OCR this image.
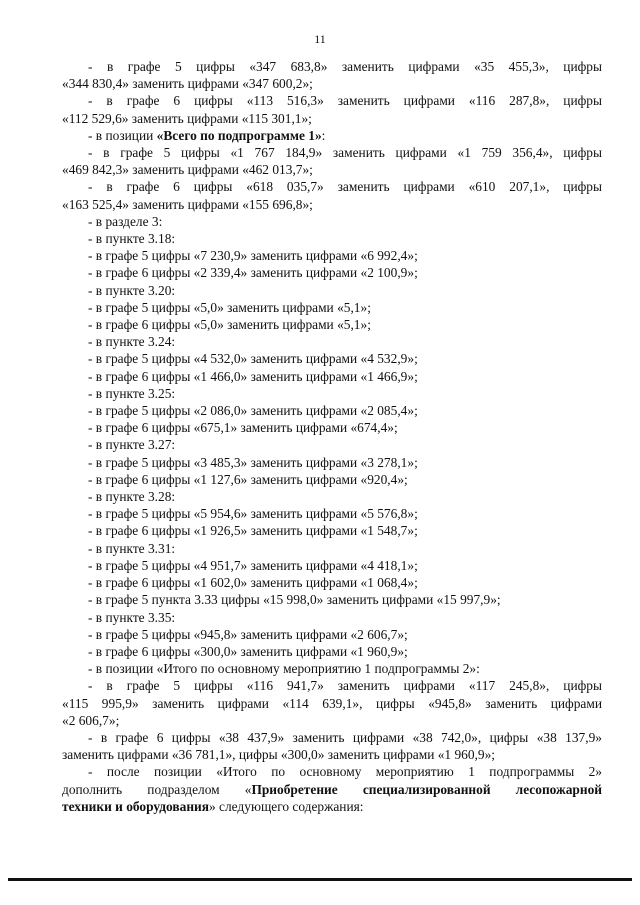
11

- в графе 5 цифры «347 683,8» заменить цифрами «35 455,3», цифры

«344 830,4» заменить цифрами «347 600,2»;

- в графе 6 цифры «113 516,3» заменить цифрами «116 287,8», цифры

«112 529,6» заменить цифрами «115 301,1»;

- в позиции «Всего по подпрограмме 1»:

- в графе 5 цифры «1 767 184,9» заменить цифрами «1 759 356,4», цифры

«469 842,3» заменить цифрами «462 013,7»;

- в графе 6 цифры «618 035,7» заменить цифрами «610 207,1», цифры

«163 525,4» заменить цифрами «155 696,8»;

- в разделе 3:

- в пункте 3.18:

- в графе 5 цифры «7 230,9» заменить цифрами «6 992,4»;

- в графе 6 цифры «2 339,4» заменить цифрами «2 100,9»;

- в пункте 3.20:

- в графе 5 цифры «5,0» заменить цифрами «5,1»;

- в графе 6 цифры «5,0» заменить цифрами «5,1»;

- в пункте 3.24:

- в графе 5 цифры «4 532,0» заменить цифрами «4 532,9»;

- в графе 6 цифры «1 466,0» заменить цифрами «1 466,9»;

- в пункте 3.25:

- в графе 5 цифры «2 086,0» заменить цифрами «2 085,4»;

- в графе 6 цифры «675,1» заменить цифрами «674,4»;

- в пункте 3.27:

- в графе 5 цифры «3 485,3» заменить цифрами «3 278,1»;

- в графе 6 цифры «1 127,6» заменить цифрами «920,4»;

- в пункте 3.28:

- в графе 5 цифры «5 954,6» заменить цифрами «5 576,8»;

- в графе 6 цифры «1 926,5» заменить цифрами «1 548,7»;

- в пункте 3.31:

- в графе 5 цифры «4 951,7» заменить цифрами «4 418,1»;

- в графе 6 цифры «1 602,0» заменить цифрами «1 068,4»;

- в графе 5 пункта 3.33 цифры «15 998,0» заменить цифрами «15 997,9»;

- в пункте 3.35:

- в графе 5 цифры «945,8» заменить цифрами «2 606,7»;

- в графе 6 цифры «300,0» заменить цифрами «1 960,9»;

- в позиции «Итого по основному мероприятию 1 подпрограммы 2»:

- в графе 5 цифры «116 941,7» заменить цифрами «117 245,8», цифры

«115 995,9» заменить цифрами «114 639,1», цифры «945,8» заменить цифрами

«2 606,7»;

- в графе 6 цифры «38 437,9» заменить цифрами «38 742,0», цифры «38 137,9»

заменить цифрами «36 781,1», цифры «300,0» заменить цифрами «1 960,9»;

- после позиции «Итого по основному мероприятию 1 подпрограммы 2»

дополнить подразделом «Приобретение специализированной лесопожарной

техники и оборудования» следующего содержания:
